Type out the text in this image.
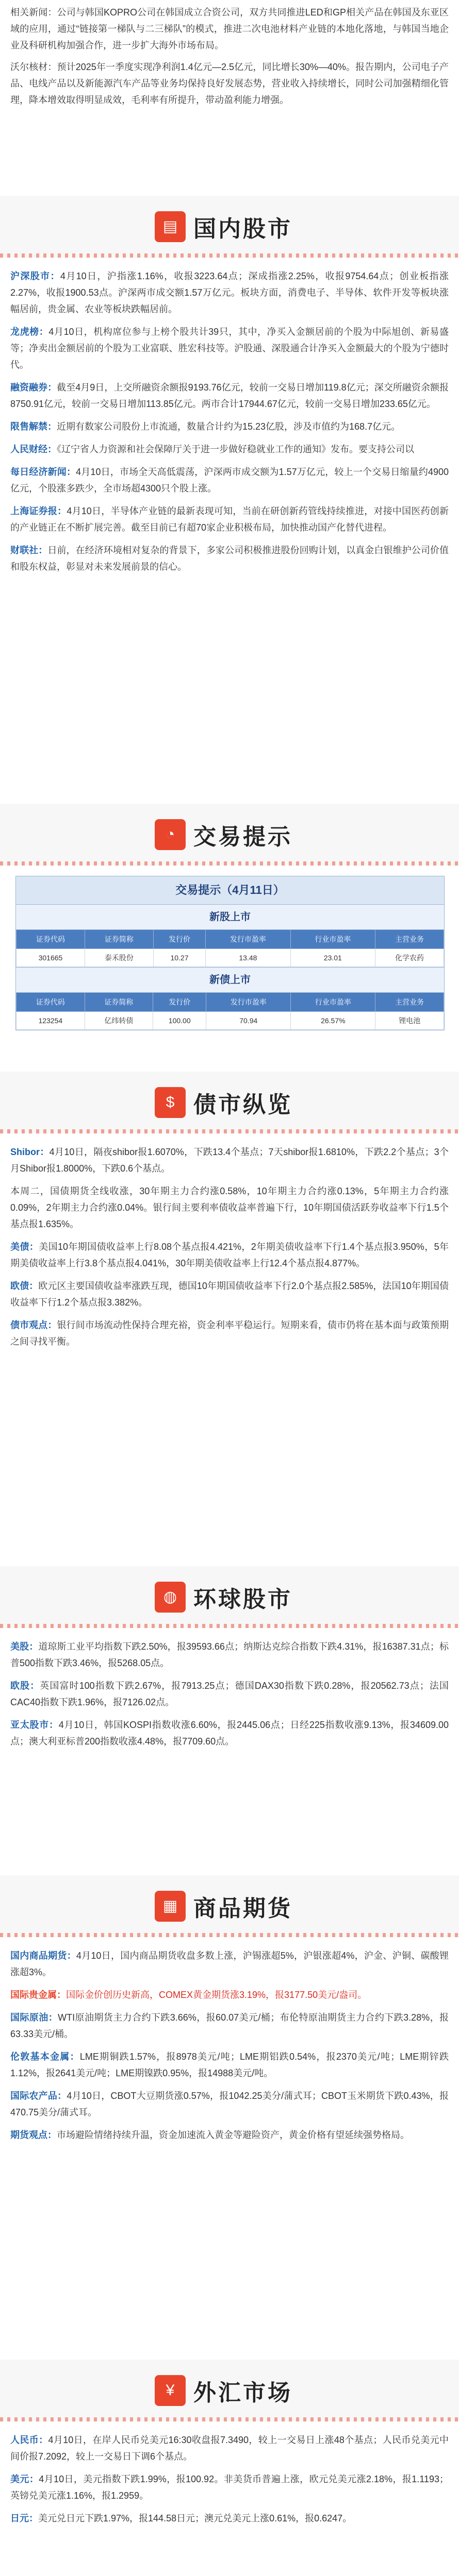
相关新闻：公司与韩国KOPRO公司在韩国成立合资公司，双方共同推进LED和GP相关产品在韩国及东亚区域的应用，通过“链接第一梯队与二三梯队”的模式，推进二次电池材料产业链的本地化落地，与韩国当地企业及科研机构加强合作，进一步扩大海外市场布局。

沃尔核材：预计2025年一季度实现净利润1.4亿元—2.5亿元，同比增长30%—40%。报告期内，公司电子产品、电线产品以及新能源汽车产品等业务均保持良好发展态势，营业收入持续增长，同时公司加强精细化管理，降本增效取得明显成效，毛利率有所提升，带动盈利能力增强。

▤ 国内股市

沪深股市：4月10日，沪指涨1.16%，收报3223.64点；深成指涨2.25%，收报9754.64点；创业板指涨2.27%，收报1900.53点。沪深两市成交额1.57万亿元。板块方面，消费电子、半导体、软件开发等板块涨幅居前，贵金属、农业等板块跌幅居前。

龙虎榜：4月10日，机构席位参与上榜个股共计39只，其中，净买入金额居前的个股为中际旭创、新易盛等；净卖出金额居前的个股为工业富联、胜宏科技等。沪股通、深股通合计净买入金额最大的个股为宁德时代。

融资融券：截至4月9日，上交所融资余额报9193.76亿元，较前一交易日增加119.8亿元；深交所融资余额报8750.91亿元，较前一交易日增加113.85亿元。两市合计17944.67亿元，较前一交易日增加233.65亿元。

限售解禁：近期有数家公司股份上市流通，数量合计约为15.23亿股，涉及市值约为168.7亿元。

人民财经：《辽宁省人力资源和社会保障厅关于进一步做好稳就业工作的通知》发布。要支持公司以

每日经济新闻：4月10日，市场全天高低震荡，沪深两市成交额为1.57万亿元，较上一个交易日缩量约4900亿元，个股涨多跌少，全市场超4300只个股上涨。

上海证券报：4月10日，半导体产业链的最新表现可知，当前在研创新药管线持续推进，对接中国医药创新的产业链正在不断扩展完善。截至目前已有超70家企业积极布局，加快推动国产化替代进程。

财联社：日前，在经济环境相对复杂的背景下，多家公司积极推进股份回购计划，以真金白银维护公司价值和股东权益，彰显对未来发展前景的信心。

◔ 交易提示
交易提示（4月11日）
新股上市
证券代码	证券简称	发行价	发行市盈率	行业市盈率	主营业务
301665	泰禾股份	10.27	13.48	23.01	化学农药
新债上市
证券代码	证券简称	发行价	发行市盈率	行业市盈率	主营业务
123254	亿纬转债	100.00	70.94	26.57%	锂电池
$ 债市纵览

Shibor：4月10日，隔夜shibor报1.6070%，下跌13.4个基点；7天shibor报1.6810%，下跌2.2个基点；3个月Shibor报1.8000%，下跌0.6个基点。

本周二，国债期货全线收涨，30年期主力合约涨0.58%，10年期主力合约涨0.13%，5年期主力合约涨0.09%，2年期主力合约涨0.04%。银行间主要利率债收益率普遍下行，10年期国债活跃券收益率下行1.5个基点报1.635%。

美债：美国10年期国债收益率上行8.08个基点报4.421%，2年期美债收益率下行1.4个基点报3.950%，5年期美债收益率上行3.8个基点报4.041%，30年期美债收益率上行12.4个基点报4.877%。

欧债：欧元区主要国债收益率涨跌互现，德国10年期国债收益率下行2.0个基点报2.585%，法国10年期国债收益率下行1.2个基点报3.382%。

债市观点：银行间市场流动性保持合理充裕，资金利率平稳运行。短期来看，债市仍将在基本面与政策预期之间寻找平衡。

◍ 环球股市

美股：道琼斯工业平均指数下跌2.50%，报39593.66点；纳斯达克综合指数下跌4.31%，报16387.31点；标普500指数下跌3.46%，报5268.05点。

欧股：英国富时100指数下跌2.67%，报7913.25点；德国DAX30指数下跌0.28%，报20562.73点；法国CAC40指数下跌1.96%，报7126.02点。

亚太股市：4月10日，韩国KOSPI指数收涨6.60%，报2445.06点；日经225指数收涨9.13%，报34609.00点；澳大利亚标普200指数收涨4.48%，报7709.60点。

▦ 商品期货

国内商品期货：4月10日，国内商品期货收盘多数上涨，沪锡涨超5%，沪银涨超4%，沪金、沪铜、碳酸锂涨超3%。

国际贵金属：国际金价创历史新高，COMEX黄金期货涨3.19%，报3177.50美元/盎司。

国际原油：WTI原油期货主力合约下跌3.66%，报60.07美元/桶；布伦特原油期货主力合约下跌3.28%，报63.33美元/桶。

伦敦基本金属：LME期铜跌1.57%，报8978美元/吨；LME期铝跌0.54%，报2370美元/吨；LME期锌跌1.12%，报2641美元/吨；LME期镍跌0.95%，报14988美元/吨。

国际农产品：4月10日，CBOT大豆期货涨0.57%，报1042.25美分/蒲式耳；CBOT玉米期货下跌0.43%，报470.75美分/蒲式耳。

期货观点：市场避险情绪持续升温，资金加速流入黄金等避险资产，黄金价格有望延续强势格局。

¥ 外汇市场

人民币：4月10日，在岸人民币兑美元16:30收盘报7.3490，较上一交易日上涨48个基点；人民币兑美元中间价报7.2092，较上一交易日下调6个基点。

美元：4月10日，美元指数下跌1.99%，报100.92。非美货币普遍上涨，欧元兑美元涨2.18%，报1.1193；英镑兑美元涨1.16%，报1.2959。

日元：美元兑日元下跌1.97%，报144.58日元；澳元兑美元上涨0.61%，报0.6247。
